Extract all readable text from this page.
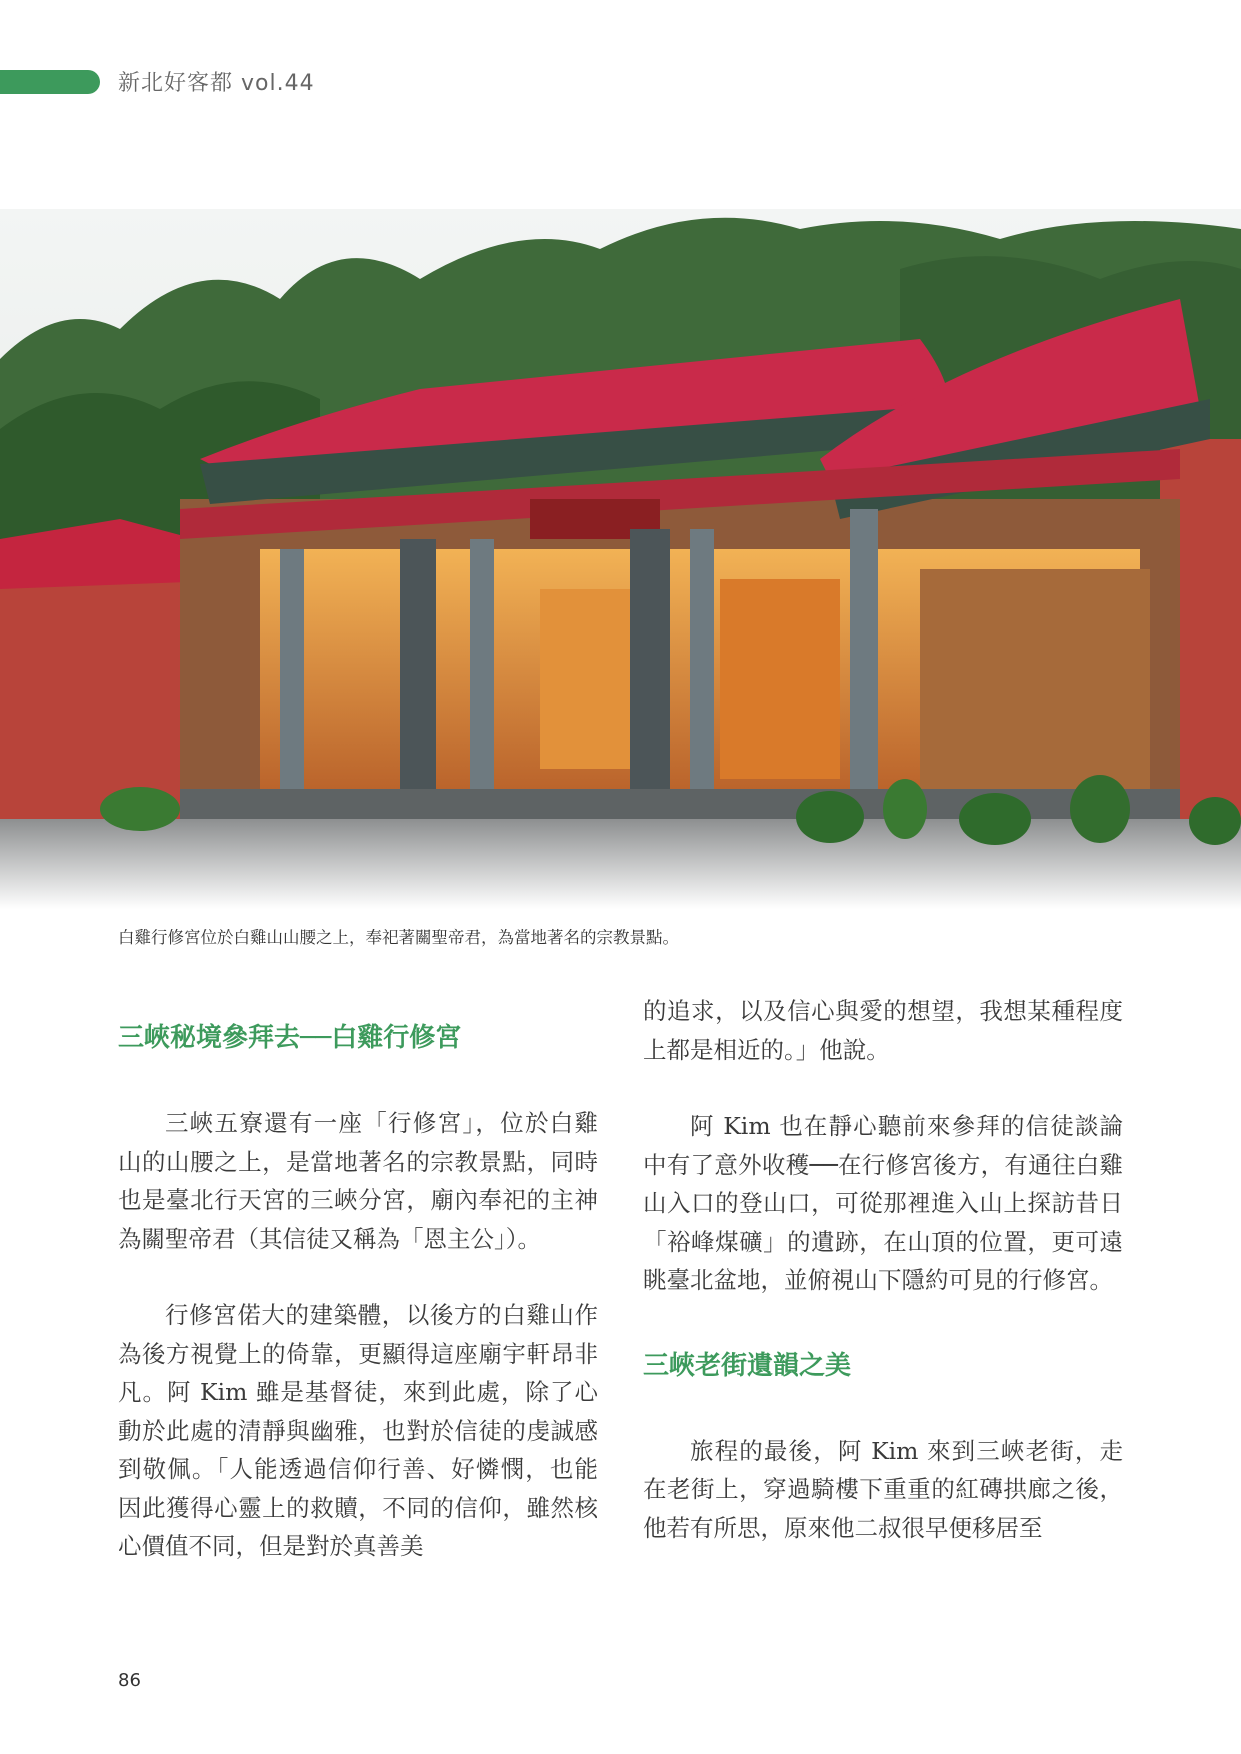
新北好客都 vol.44
白雞行修宮位於白雞山山腰之上，奉祀著關聖帝君，為當地著名的宗教景點。
三峽秘境參拜去──白雞行修宮

三峽五寮還有一座「行修宮」，位於白雞山的山腰之上，是當地著名的宗教景點，同時也是臺北行天宮的三峽分宮，廟內奉祀的主神為關聖帝君（其信徒又稱為「恩主公」）。

行修宮偌大的建築體，以後方的白雞山作為後方視覺上的倚靠，更顯得這座廟宇軒昂非凡。阿 Kim 雖是基督徒，來到此處，除了心動於此處的清靜與幽雅，也對於信徒的虔誠感到敬佩。「人能透過信仰行善、好憐憫，也能因此獲得心靈上的救贖，不同的信仰，雖然核心價值不同，但是對於真善美

的追求，以及信心與愛的想望，我想某種程度上都是相近的。」他說。

阿 Kim 也在靜心聽前來參拜的信徒談論中有了意外收穫──在行修宮後方，有通往白雞山入口的登山口，可從那裡進入山上探訪昔日「裕峰煤礦」的遺跡，在山頂的位置，更可遠眺臺北盆地，並俯視山下隱約可見的行修宮。

三峽老街遺韻之美

旅程的最後，阿 Kim 來到三峽老街，走在老街上，穿過騎樓下重重的紅磚拱廊之後，他若有所思，原來他二叔很早便移居至

86
